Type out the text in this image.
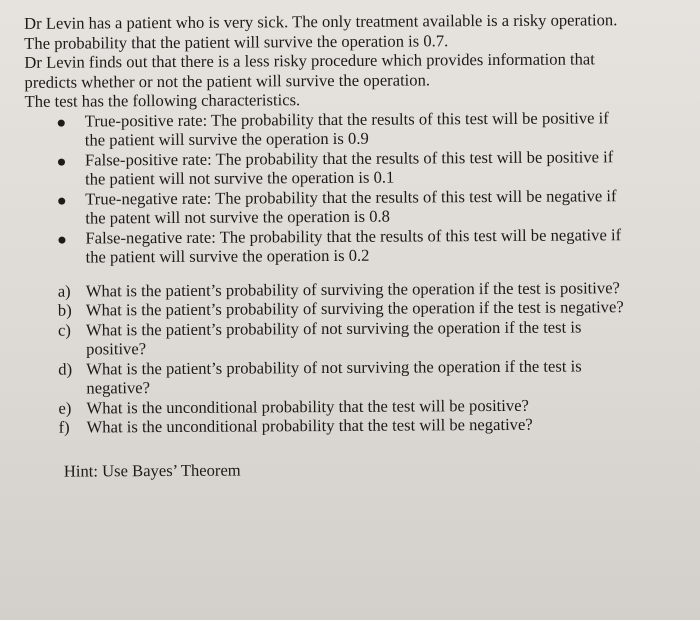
Dr Levin has a patient who is very sick. The only treatment available is a risky operation.
The probability that the patient will survive the operation is 0.7.
Dr Levin finds out that there is a less risky procedure which provides information that
predicts whether or not the patient will survive the operation.
The test has the following characteristics.
True-positive rate: The probability that the results of this test will be positive if
the patient will survive the operation is 0.9
False-positive rate: The probability that the results of this test will be positive if
the patient will not survive the operation is 0.1
True-negative rate: The probability that the results of this test will be negative if
the patent will not survive the operation is 0.8
False-negative rate: The probability that the results of this test will be negative if
the patient will survive the operation is 0.2
a) What is the patient’s probability of surviving the operation if the test is positive?
b) What is the patient’s probability of surviving the operation if the test is negative?
c) What is the patient’s probability of not surviving the operation if the test is
positive?
d) What is the patient’s probability of not surviving the operation if the test is
negative?
e) What is the unconditional probability that the test will be positive?
f) What is the unconditional probability that the test will be negative?
Hint: Use Bayes’ Theorem
